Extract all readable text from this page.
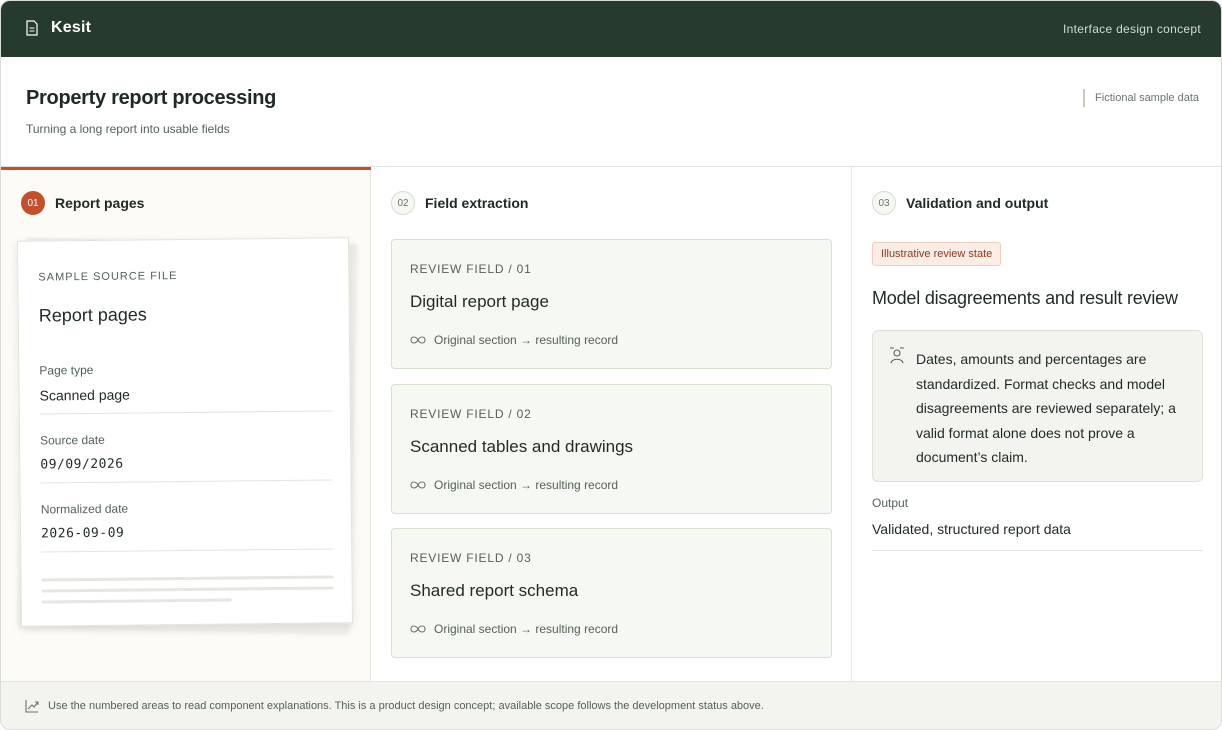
Kesit	Interface design concept
Property report processing
Turning a long report into usable fields
Fictional sample data
01	Report pages
SAMPLE SOURCE FILE
Report pages
Page type
Scanned page
Source date
09/09/2026
Normalized date
2026-09-09
02	Field extraction
REVIEW FIELD / 01
Digital report page
Original section → resulting record
REVIEW FIELD / 02
Scanned tables and drawings
Original section → resulting record
REVIEW FIELD / 03
Shared report schema
Original section → resulting record
03	Validation and output
Illustrative review state
Model disagreements and result review
Dates, amounts and percentages are standardized. Format checks and model disagreements are reviewed separately; a valid format alone does not prove a document’s claim.
Output
Validated, structured report data
Use the numbered areas to read component explanations. This is a product design concept; available scope follows the development status above.
